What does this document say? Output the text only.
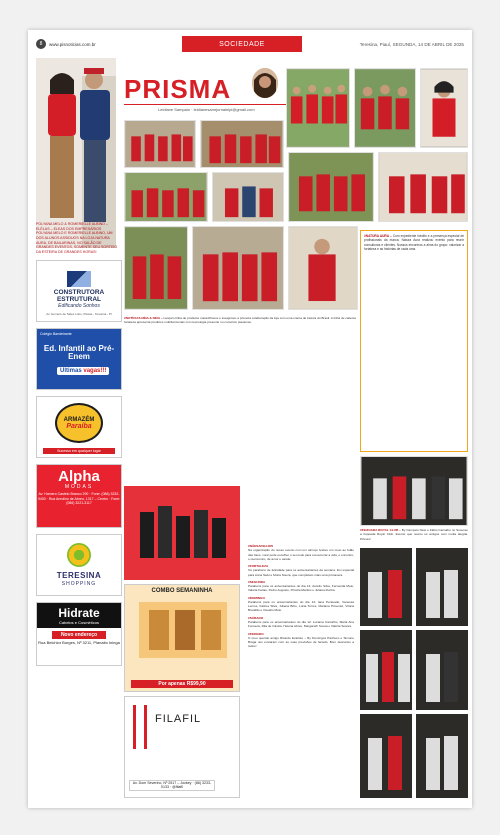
8	www.pisnoticias.com.br	SOCIEDADE	Teresina, Piauí, SEGUNDA, 14 DE ABRIL DE 2025
POLYANA MELO & ROMERIELLE ALBINO – ELÉLAS – ELEAS DOS EMPRESÁRIOS POLYANA MELO E ROMERIELLE ALBINO, UM DOS ALUNOS ASSIDUOS NA LOJA NATURA AURA, DE BAILARINAS, NO SALÃO DE GRANDES EVENTOS, SOMENTE SEU SORTEIO DA ESTEIRA DE GRANDES HORAS!
PRISMA
Leidiane Sampaio · leidianesamrjornalelpi@gmail.com
#NATURA AURA – Com expediente inédito e a presença especial de profissionais da marca, Natura Aura realizou evento para reunir consultoras e clientes. Nossos encontros a alma do grupo: valorizar a fortaleza e as histórias de cada uma.
#NOTÍCIAS NÉIA & NÉIA – Lançam linha de produtos maravilhosos e inauguram a primeira colaboração da loja com uma marca de beleza do Brasil. A linha de cabelos fortaleza apresenta produtos multifuncionais com tecnologia presente no comércio piauiense.
#FEIJOADA ROYAL CLUB – By Campelo Neto e Fábio Carvalho no Sucesso a Feijoada Royal Club. Evento que reuniu os amigos com muita alegria. #Yesss!
#NÃESAFELHOS
Na organização do nosso evento com um almoço festivo em meio ao fofão das fotos, você pode escolher o seu look para comemorar a vida, o encontro, o reencontro, de amor e saúde.
#FORTALEZA
Os parabéns de felicidade para os aniversariantes da semana. Em especial para Anna Salvi e Moira Souza, que completam mais uma primavera.
#SEGUNDA
Parabéns para os aniversariantes do dia 14: Aurélio Silva, Fernanda Melo, Valéria Farias, Pedro Augusto, Priscila Martins e Juliana Rocha.
#DOMINGO
Parabéns para os aniversariantes do dia 13: Iana Penteado, Vanessa Lemos, Fátima Silva, Juliana Brito, Lúcia Torres, Mariana Pimentel, Vitória Brandão e Claudio Melo.
#SÁBADO
Parabéns para os aniversariantes do dia 12: Luciana Carvalho, Maria Ana Fonseca, Rita de Cássia, Helena Abreu, Margareth Sousa e Valéria Soares.
#FERIADO
O meu querido amigo Ricardo Evaristo – By Domingos Pacheco e Simone Braga nos enviaram com as suas previsões de feriado. Bom descanso a todos!
COMBO SEMANINHA
Por apenas R$99,90
FILAFIL
Av. Dom Severino, Nº 2517 – Jockey · (86) 3233-0133 · @filafil
CONSTRUTORA ESTRUTURAL
Edificando Sonhos
Av. Homero de Sales Lobo, Ilhotas - Teresina - PI
Colégio Bandeirante
Ed. Infantil ao Pré-Enem
Últimas vagas!!!
ARMAZÉM
Paraíba
Sucesso em qualquer lugar
Alpha
MODAS
Av. Homero Castelo Branco 290 · Fone: (086) 3232-9400 · Rua Areolino de Abreu, 1317 – Centro · Fone: (086) 3221-3117
TERESINA
SHOPPING
Hidrate
Cabelos e Cosméticos
Novo endereço
Rua Belchior Borges, Nº 3211, Planalto Ininga
